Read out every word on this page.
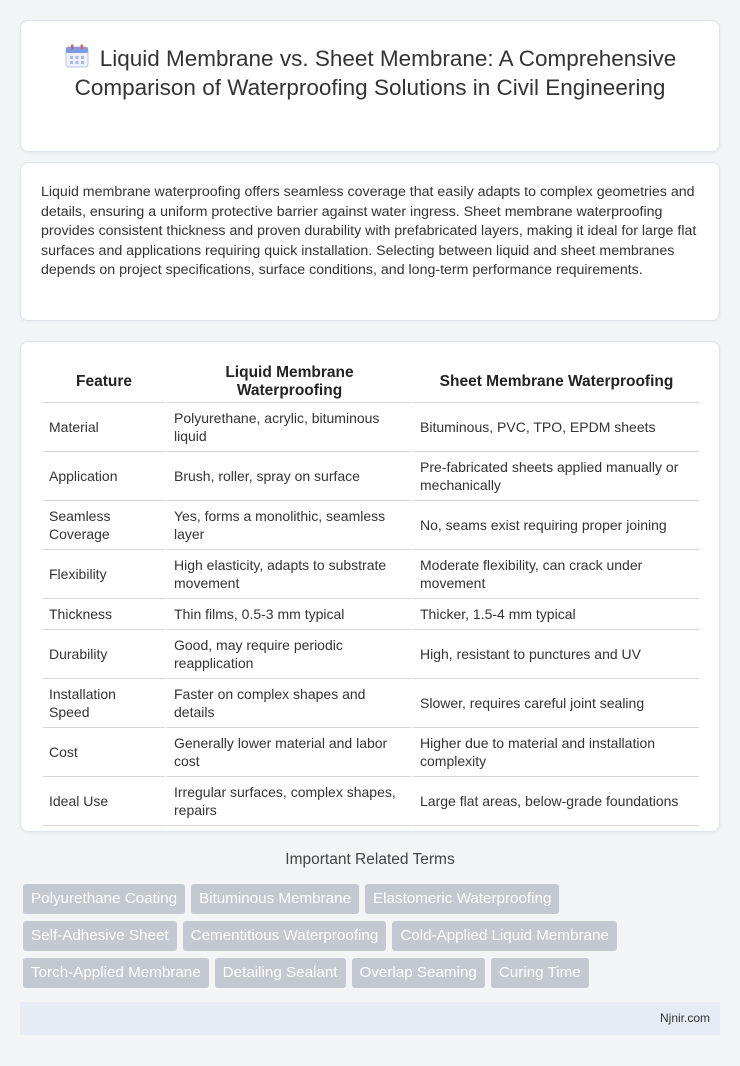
Liquid Membrane vs. Sheet Membrane: A Comprehensive Comparison of Waterproofing Solutions in Civil Engineering

Liquid membrane waterproofing offers seamless coverage that easily adapts to complex geometries and details, ensuring a uniform protective barrier against water ingress. Sheet membrane waterproofing provides consistent thickness and proven durability with prefabricated layers, making it ideal for large flat surfaces and applications requiring quick installation. Selecting between liquid and sheet membranes depends on project specifications, surface conditions, and long-term performance requirements.

Feature	Liquid Membrane Waterproofing	Sheet Membrane Waterproofing
Material	Polyurethane, acrylic, bituminous liquid	Bituminous, PVC, TPO, EPDM sheets
Application	Brush, roller, spray on surface	Pre-fabricated sheets applied manually or mechanically
Seamless Coverage	Yes, forms a monolithic, seamless layer	No, seams exist requiring proper joining
Flexibility	High elasticity, adapts to substrate movement	Moderate flexibility, can crack under movement
Thickness	Thin films, 0.5-3 mm typical	Thicker, 1.5-4 mm typical
Durability	Good, may require periodic reapplication	High, resistant to punctures and UV
Installation Speed	Faster on complex shapes and details	Slower, requires careful joint sealing
Cost	Generally lower material and labor cost	Higher due to material and installation complexity
Ideal Use	Irregular surfaces, complex shapes, repairs	Large flat areas, below-grade foundations
Important Related Terms
Polyurethane Coating Bituminous Membrane Elastomeric Waterproofing
Self-Adhesive Sheet Cementitious Waterproofing Cold-Applied Liquid Membrane
Torch-Applied Membrane Detailing Sealant Overlap Seaming Curing Time
Njnir.com
